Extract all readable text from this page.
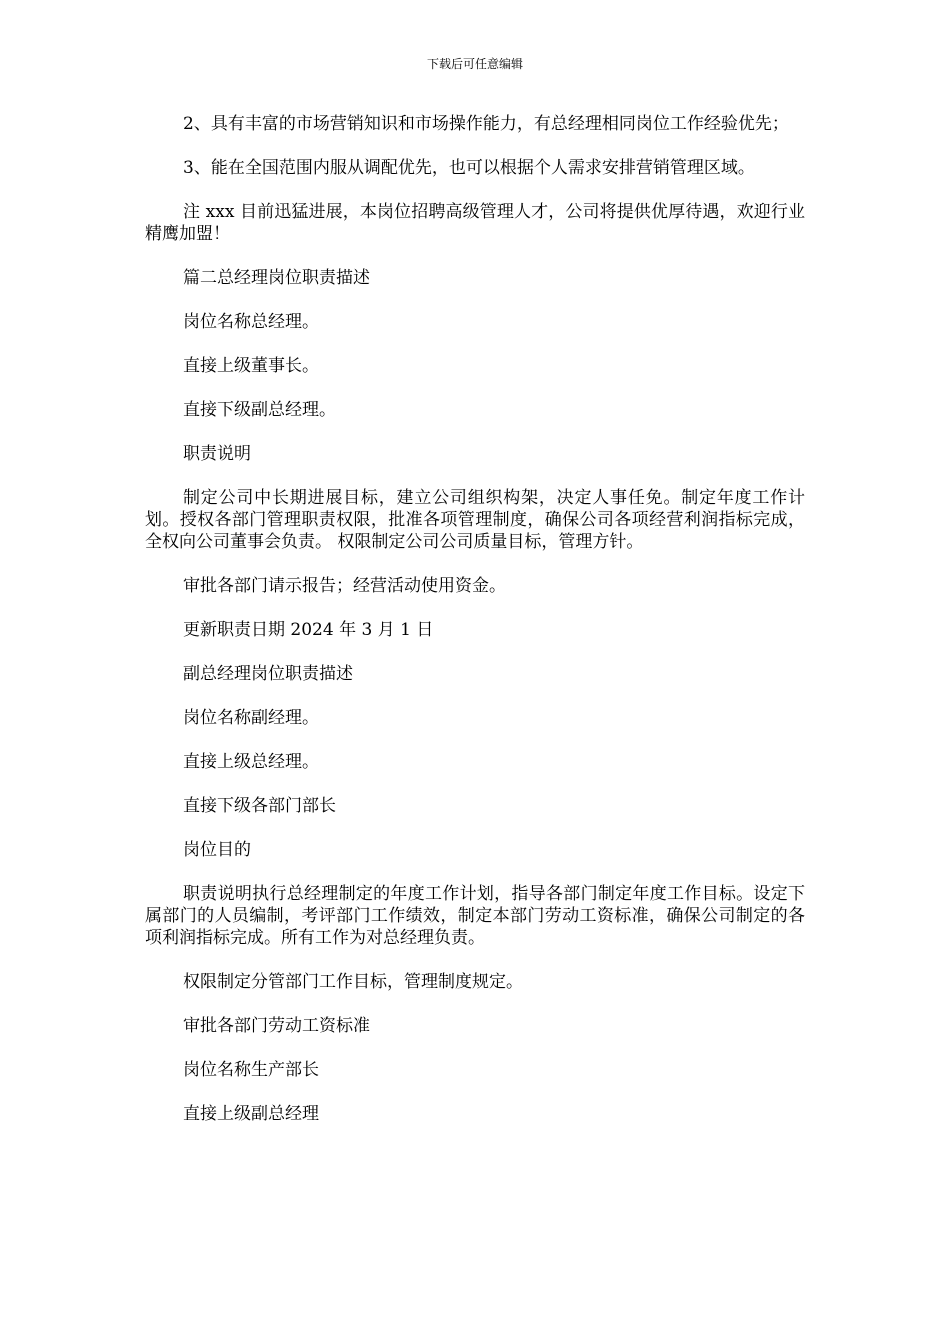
下载后可任意编辑

2、具有丰富的市场营销知识和市场操作能力，有总经理相同岗位工作经验优先；

3、能在全国范围内服从调配优先，也可以根据个人需求安排营销管理区域。

注 xxx 目前迅猛进展，本岗位招聘高级管理人才，公司将提供优厚待遇，欢迎行业精鹰加盟！

篇二总经理岗位职责描述

岗位名称总经理。

直接上级董事长。

直接下级副总经理。

职责说明

制定公司中长期进展目标，建立公司组织构架，决定人事任免。制定年度工作计划。授权各部门管理职责权限，批准各项管理制度，确保公司各项经营利润指标完成，全权向公司董事会负责。 权限制定公司公司质量目标，管理方针。

审批各部门请示报告；经营活动使用资金。

更新职责日期 2024 年 3 月 1 日

副总经理岗位职责描述

岗位名称副经理。

直接上级总经理。

直接下级各部门部长

岗位目的

职责说明执行总经理制定的年度工作计划，指导各部门制定年度工作目标。设定下属部门的人员编制，考评部门工作绩效，制定本部门劳动工资标准，确保公司制定的各项利润指标完成。所有工作为对总经理负责。

权限制定分管部门工作目标，管理制度规定。

审批各部门劳动工资标准

岗位名称生产部长

直接上级副总经理
